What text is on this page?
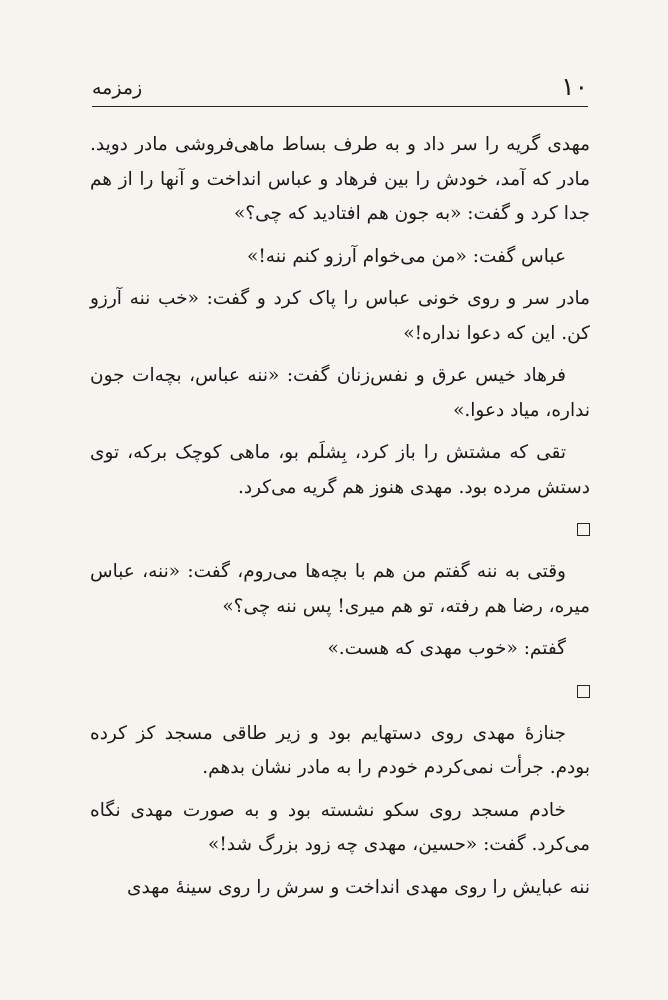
۱۰
زمزمه

مهدی گریه را سر داد و به طرف بساط ماهی‌فروشی مادر دوید. مادر که آمد، خودش را بین فرهاد و عباس انداخت و آنها را از هم جدا کرد و گفت: «به جون هم افتادید که چی؟»

عباس گفت: «من می‌خوام آرزو کنم ننه!»

مادر سر و روی خونی عباس را پاک کرد و گفت: «خب ننه آرزو کن. این که دعوا نداره!»

فرهاد خیس عرق و نفس‌زنان گفت: «ننه عباس، بچه‌ات جون نداره، میاد دعوا.»

تقی که مشتش را باز کرد، بِشلَم بو، ماهی کوچک برکه، توی دستش مرده بود. مهدی هنوز هم گریه می‌کرد.

وقتی به ننه گفتم من هم با بچه‌ها می‌روم، گفت: «ننه، عباس میره، رضا هم رفته، تو هم میری! پس ننه چی؟»

گفتم: «خوب مهدی که هست.»

جنازهٔ مهدی روی دستهایم بود و زیر طاقی مسجد کز کرده بودم. جرأت نمی‌کردم خودم را به مادر نشان بدهم.

خادم مسجد روی سکو نشسته بود و به صورت مهدی نگاه می‌کرد. گفت: «حسین، مهدی چه زود بزرگ شد!»

ننه عبایش را روی مهدی انداخت و سرش را روی سینهٔ مهدی
